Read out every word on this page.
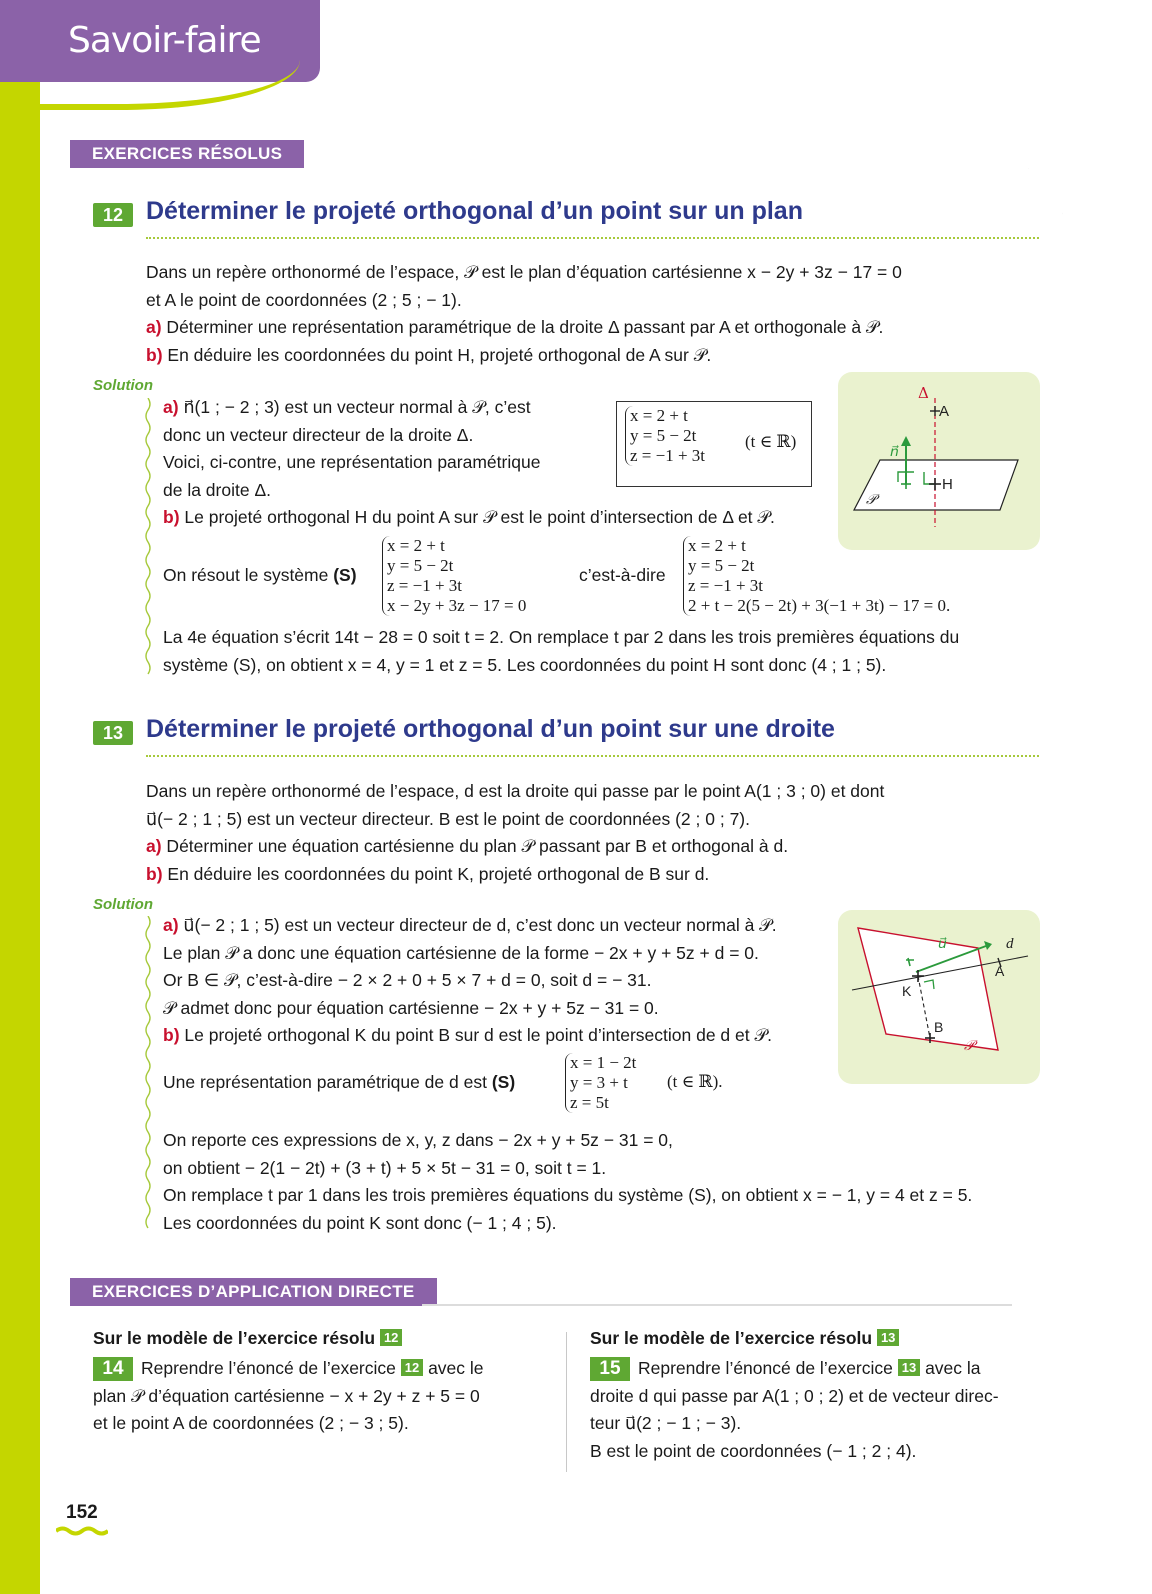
Savoir-faire
EXERCICES RÉSOLUS
12 Déterminer le projeté orthogonal d’un point sur un plan
Dans un repère orthonormé de l’espace, 𝒫 est le plan d’équation cartésienne x − 2y + 3z − 17 = 0
et A le point de coordonnées (2 ; 5 ; − 1).
a) Déterminer une représentation paramétrique de la droite Δ passant par A et orthogonale à 𝒫.
b) En déduire les coordonnées du point H, projeté orthogonal de A sur 𝒫.
Solution
a) n⃗(1 ; − 2 ; 3) est un vecteur normal à 𝒫, c’est
donc un vecteur directeur de la droite Δ.
Voici, ci-contre, une représentation paramétrique
de la droite Δ.
x = 2 + t
y = 5 − 2t
z = −1 + 3t
(t ∈ ℝ)
Δ
A
n⃗
H
𝒫
b) Le projeté orthogonal H du point A sur 𝒫 est le point d’intersection de Δ et 𝒫.
On résout le système (S)
x = 2 + t
y = 5 − 2t
z = −1 + 3t
x − 2y + 3z − 17 = 0
c’est-à-dire
x = 2 + t
y = 5 − 2t
z = −1 + 3t
2 + t − 2(5 − 2t) + 3(−1 + 3t) − 17 = 0.
La 4e équation s’écrit 14t − 28 = 0 soit t = 2. On remplace t par 2 dans les trois premières équations du
système (S), on obtient x = 4, y = 1 et z = 5. Les coordonnées du point H sont donc (4 ; 1 ; 5).
13 Déterminer le projeté orthogonal d’un point sur une droite
Dans un repère orthonormé de l’espace, d est la droite qui passe par le point A(1 ; 3 ; 0) et dont
u⃗(− 2 ; 1 ; 5) est un vecteur directeur. B est le point de coordonnées (2 ; 0 ; 7).
a) Déterminer une équation cartésienne du plan 𝒫 passant par B et orthogonal à d.
b) En déduire les coordonnées du point K, projeté orthogonal de B sur d.
Solution
a) u⃗(− 2 ; 1 ; 5) est un vecteur directeur de d, c’est donc un vecteur normal à 𝒫.
Le plan 𝒫 a donc une équation cartésienne de la forme − 2x + y + 5z + d = 0.
Or B ∈ 𝒫, c’est-à-dire − 2 × 2 + 0 + 5 × 7 + d = 0, soit d = − 31.
𝒫 admet donc pour équation cartésienne − 2x + y + 5z − 31 = 0.
b) Le projeté orthogonal K du point B sur d est le point d’intersection de d et 𝒫.
u⃗	d
A
K
B
𝒫
Une représentation paramétrique de d est (S)
x = 1 − 2t
y = 3 + t
z = 5t
(t ∈ ℝ).
On reporte ces expressions de x, y, z dans − 2x + y + 5z − 31 = 0,
on obtient − 2(1 − 2t) + (3 + t) + 5 × 5t − 31 = 0, soit t = 1.
On remplace t par 1 dans les trois premières équations du système (S), on obtient x = − 1, y = 4 et z = 5.
Les coordonnées du point K sont donc (− 1 ; 4 ; 5).
EXERCICES D’APPLICATION DIRECTE
Sur le modèle de l’exercice résolu 12
14 Reprendre l’énoncé de l’exercice 12 avec le
plan 𝒫 d’équation cartésienne − x + 2y + z + 5 = 0
et le point A de coordonnées (2 ; − 3 ; 5).
Sur le modèle de l’exercice résolu 13
15 Reprendre l’énoncé de l’exercice 13 avec la
droite d qui passe par A(1 ; 0 ; 2) et de vecteur direc-
teur u⃗(2 ; − 1 ; − 3).
B est le point de coordonnées (− 1 ; 2 ; 4).
152
